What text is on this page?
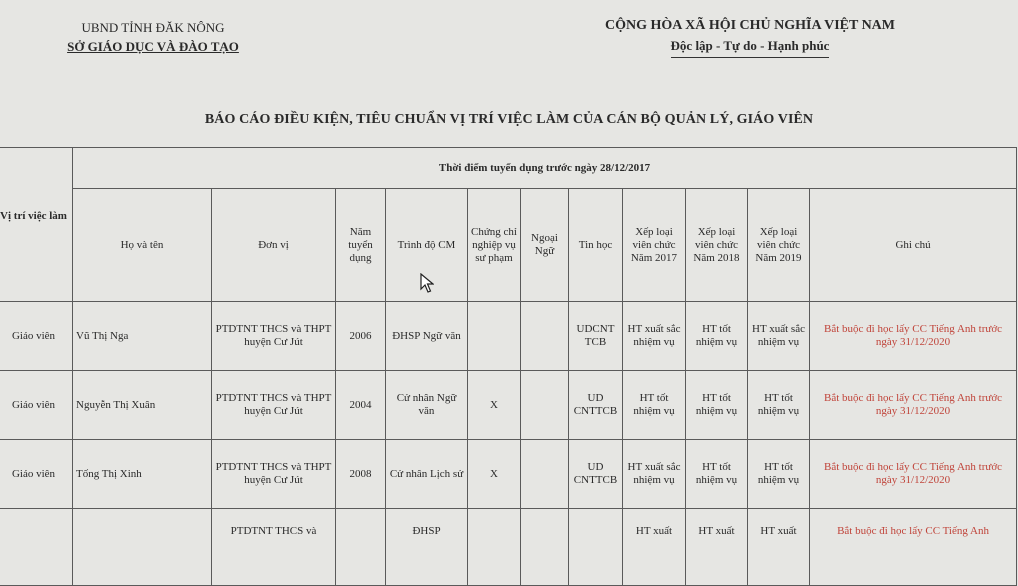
UBND TỈNH ĐĂK NÔNG
SỞ GIÁO DỤC VÀ ĐÀO TẠO
CỘNG HÒA XÃ HỘI CHỦ NGHĨA VIỆT NAM
Độc lập - Tự do - Hạnh phúc
BÁO CÁO ĐIỀU KIỆN, TIÊU CHUẨN VỊ TRÍ VIỆC LÀM CỦA CÁN BỘ QUẢN LÝ, GIÁO VIÊN
Vị trí việc làm	Thời điểm tuyển dụng trước ngày 28/12/2017										
	Họ và tên	Đơn vị	Năm tuyển dụng	Trình độ CM	Chứng chỉ nghiệp vụ sư phạm	Ngoại Ngữ	Tin học	Xếp loại viên chức Năm 2017	Xếp loại viên chức Năm 2018	Xếp loại viên chức Năm 2019	Ghi chú
Giáo viên	Vũ Thị Nga	PTDTNT THCS và THPT huyện Cư Jút	2006	ĐHSP Ngữ văn			UDCNT TCB	HT xuất sắc nhiệm vụ	HT tốt nhiệm vụ	HT xuất sắc nhiệm vụ	Bắt buộc đi học lấy CC Tiếng Anh trước ngày 31/12/2020
Giáo viên	Nguyễn Thị Xuân	PTDTNT THCS và THPT huyện Cư Jút	2004	Cử nhân Ngữ văn	X		UD CNTTCB	HT tốt nhiệm vụ	HT tốt nhiệm vụ	HT tốt nhiệm vụ	Bắt buộc đi học lấy CC Tiếng Anh trước ngày 31/12/2020
Giáo viên	Tống Thị Xinh	PTDTNT THCS và THPT huyện Cư Jút	2008	Cử nhân Lịch sử	X		UD CNTTCB	HT xuất sắc nhiệm vụ	HT tốt nhiệm vụ	HT tốt nhiệm vụ	Bắt buộc đi học lấy CC Tiếng Anh trước ngày 31/12/2020
		PTDTNT THCS và		ĐHSP				HT xuất	HT xuất	HT xuất	Bắt buộc đi học lấy CC Tiếng Anh
